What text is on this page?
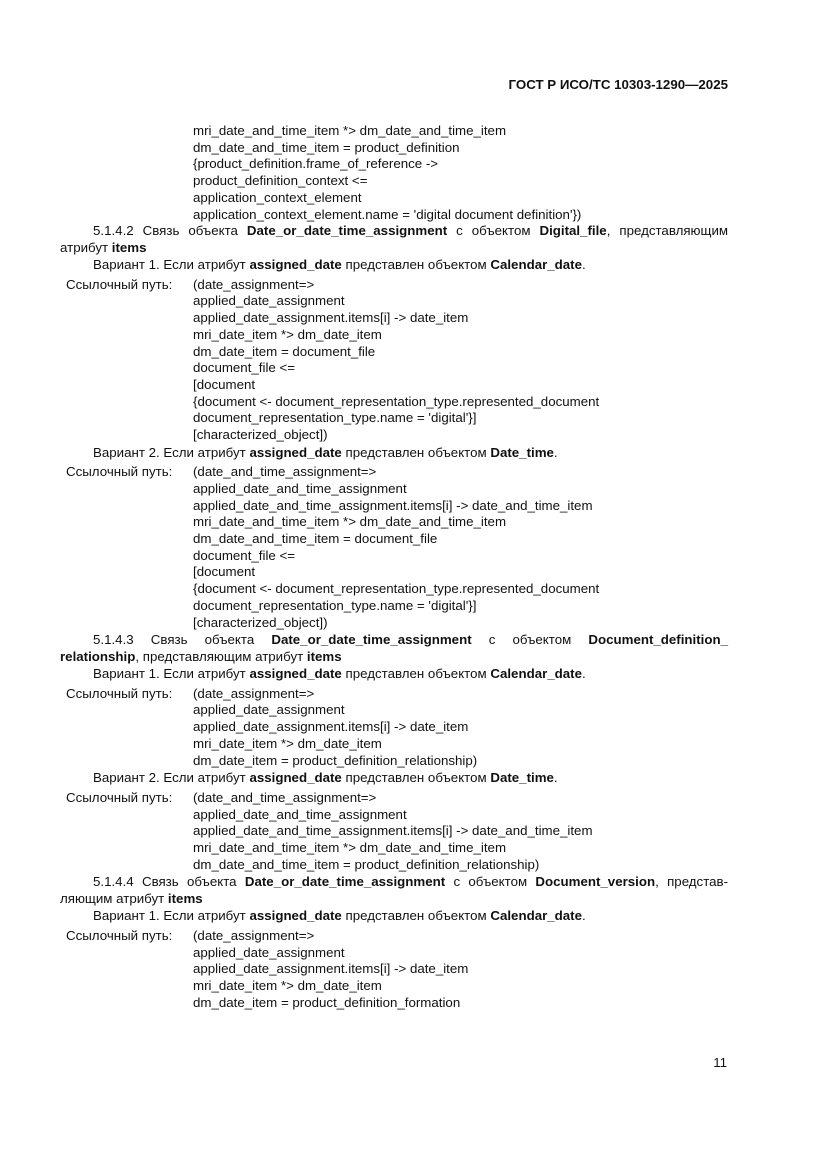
ГОСТ Р ИСО/ТС 10303-1290—2025
mri_date_and_time_item *> dm_date_and_time_item
dm_date_and_time_item = product_definition
{product_definition.frame_of_reference ->
product_definition_context <=
application_context_element
application_context_element.name = 'digital document definition'})

5.1.4.2 Связь объекта Date_or_date_time_assignment с объектом Digital_file, представляющим атрибут items

Вариант 1. Если атрибут assigned_date представлен объектом Calendar_date.
Ссылочный путь:	(date_assignment=>
applied_date_assignment
applied_date_assignment.items[i] -> date_item
mri_date_item *> dm_date_item
dm_date_item = document_file
document_file <=
[document
{document <- document_representation_type.represented_document
document_representation_type.name = 'digital'}]
[characterized_object])
Вариант 2. Если атрибут assigned_date представлен объектом Date_time.
Ссылочный путь:	(date_and_time_assignment=>
applied_date_and_time_assignment
applied_date_and_time_assignment.items[i] -> date_and_time_item
mri_date_and_time_item *> dm_date_and_time_item
dm_date_and_time_item = document_file
document_file <=
[document
{document <- document_representation_type.represented_document
document_representation_type.name = 'digital'}]
[characterized_object])

5.1.4.3 Связь объекта Date_or_date_time_assignment с объектом Document_definition_ relationship, представляющим атрибут items

Вариант 1. Если атрибут assigned_date представлен объектом Calendar_date.
Ссылочный путь:	(date_assignment=>
applied_date_assignment
applied_date_assignment.items[i] -> date_item
mri_date_item *> dm_date_item
dm_date_item = product_definition_relationship)
Вариант 2. Если атрибут assigned_date представлен объектом Date_time.
Ссылочный путь:	(date_and_time_assignment=>
applied_date_and_time_assignment
applied_date_and_time_assignment.items[i] -> date_and_time_item
mri_date_and_time_item *> dm_date_and_time_item
dm_date_and_time_item = product_definition_relationship)

5.1.4.4 Связь объекта Date_or_date_time_assignment с объектом Document_version, представ-ляющим атрибут items

Вариант 1. Если атрибут assigned_date представлен объектом Calendar_date.
Ссылочный путь:	(date_assignment=>
applied_date_assignment
applied_date_assignment.items[i] -> date_item
mri_date_item *> dm_date_item
dm_date_item = product_definition_formation
11
